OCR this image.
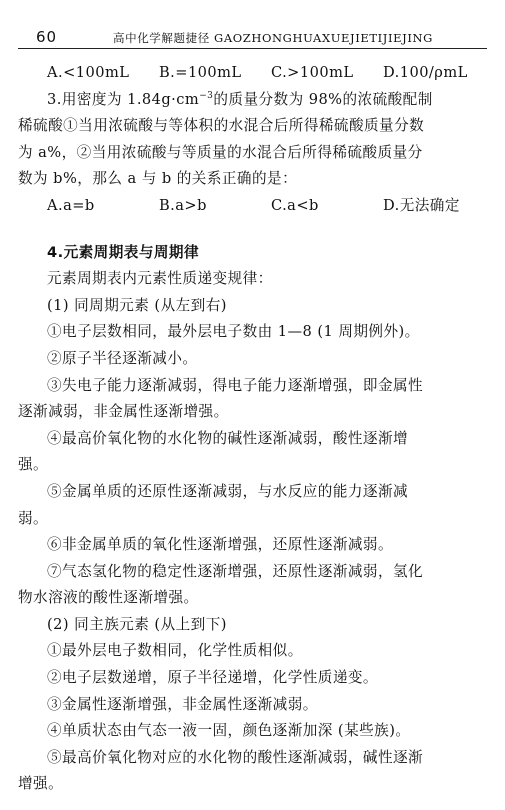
60	高中化学解题捷径 GAOZHONGHUAXUEJIETIJIEJING
A.<100mL	B.=100mL	C.>100mL	D.100/ρmL
3.用密度为 $1.84g\cdot cm^{-3}$的质量分数为 98%的浓硫酸配制
稀硫酸①当用浓硫酸与等体积的水混合后所得稀硫酸质量分数
为 a%，②当用浓硫酸与等质量的水混合后所得稀硫酸质量分
数为 b%，那么 a 与 b 的关系正确的是：
A.a=b	B.a>b	C.a<b	D.无法确定
4.元素周期表与周期律
元素周期表内元素性质递变规律：
(1) 同周期元素 (从左到右)
①电子层数相同，最外层电子数由 1—8 (1 周期例外)。
②原子半径逐渐减小。
③失电子能力逐渐减弱，得电子能力逐渐增强，即金属性
逐渐减弱，非金属性逐渐增强。
④最高价氧化物的水化物的碱性逐渐减弱，酸性逐渐增
强。
⑤金属单质的还原性逐渐减弱，与水反应的能力逐渐减
弱。
⑥非金属单质的氧化性逐渐增强，还原性逐渐减弱。
⑦气态氢化物的稳定性逐渐增强，还原性逐渐减弱，氢化
物水溶液的酸性逐渐增强。
(2) 同主族元素 (从上到下)
①最外层电子数相同，化学性质相似。
②电子层数递增，原子半径递增，化学性质递变。
③金属性逐渐增强，非金属性逐渐减弱。
④单质状态由气态一液一固，颜色逐渐加深 (某些族)。
⑤最高价氧化物对应的水化物的酸性逐渐减弱，碱性逐渐
增强。
